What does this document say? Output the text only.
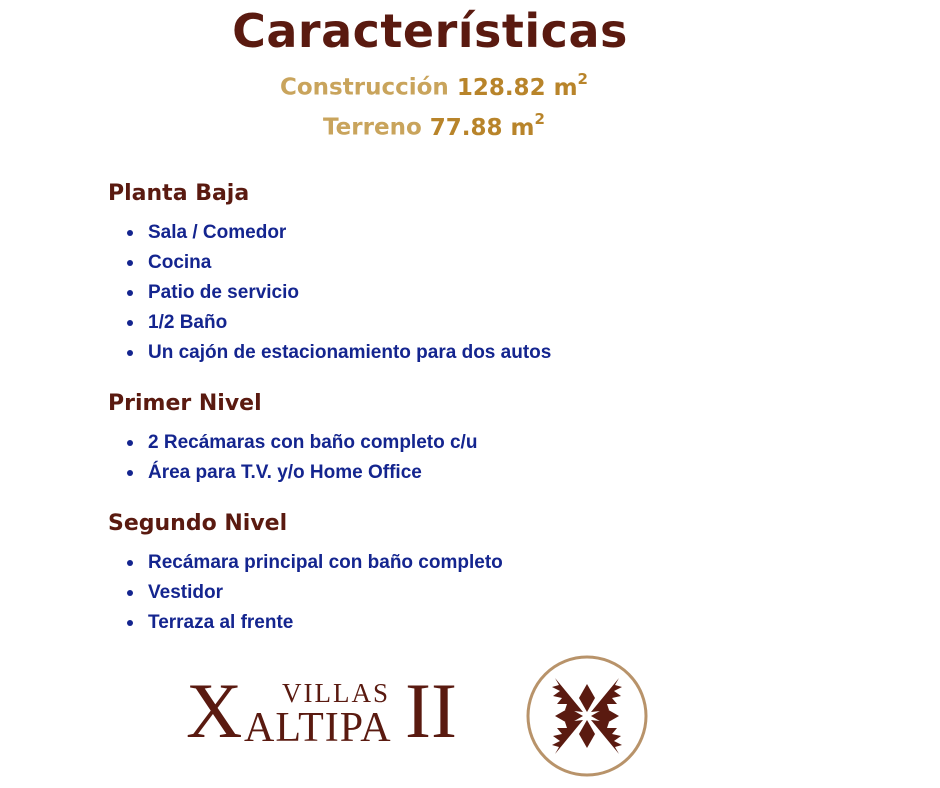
Características
Construcción 128.82 $m^2$
Terreno 77.88 $m^2$
Planta Baja
Sala / Comedor
Cocina
Patio de servicio
1/2 Baño
Un cajón de estacionamiento para dos autos
Primer Nivel
2 Recámaras con baño completo c/u
Área para T.V. y/o Home Office
Segundo Nivel
Recámara principal con baño completo
Vestidor
Terraza al frente
X VILLAS
ALTIPA II
